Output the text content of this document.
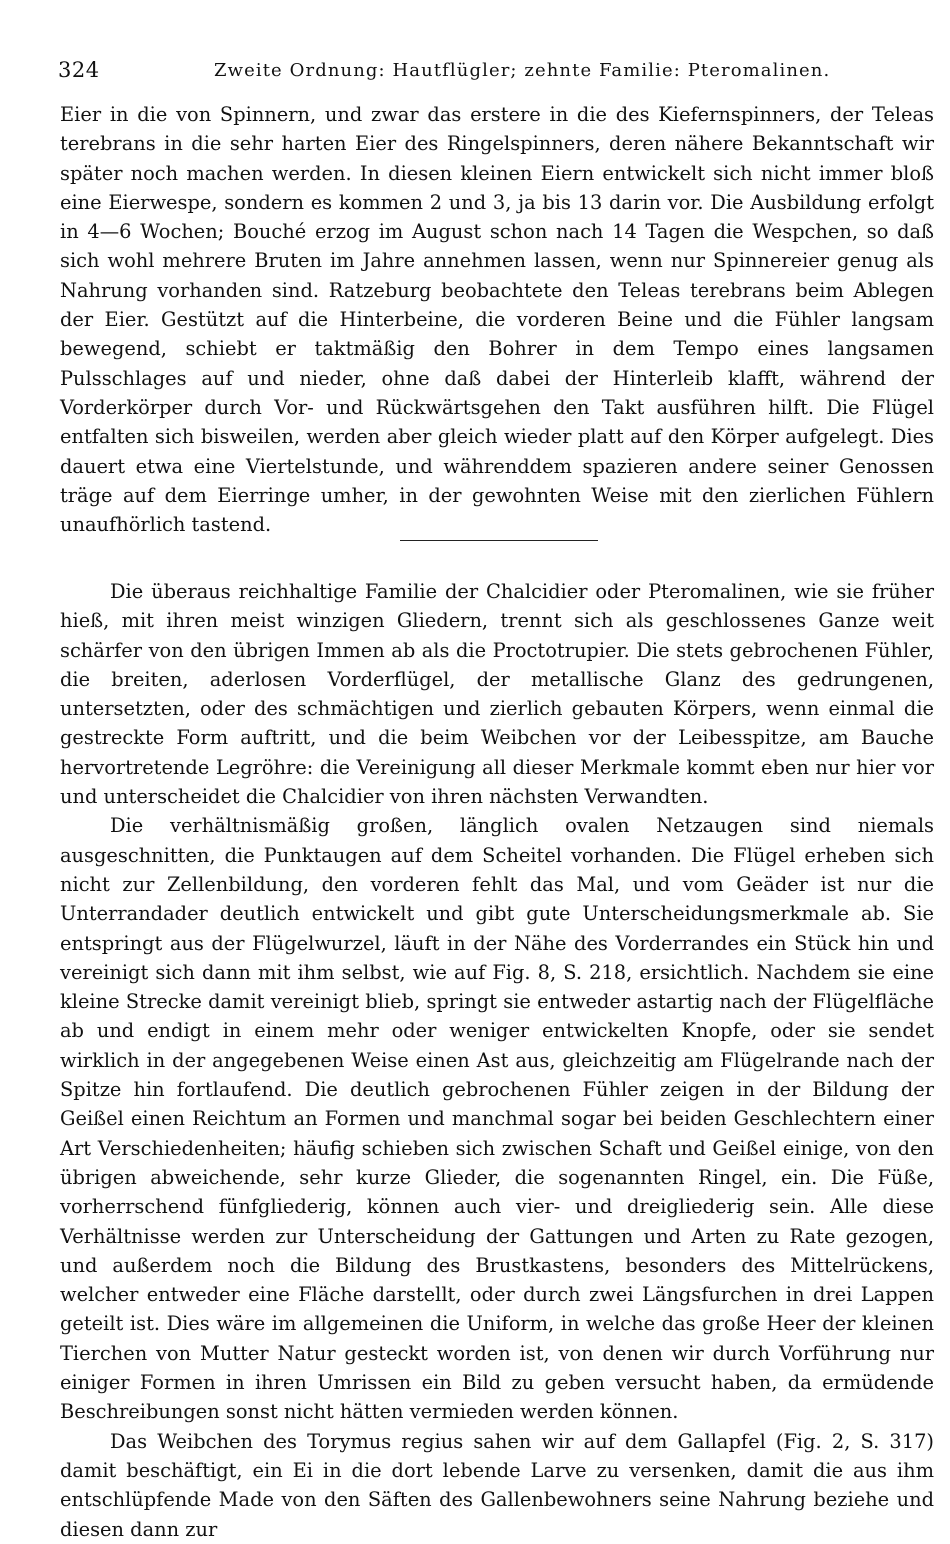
324	Zweite Ordnung: Hautflügler; zehnte Familie: Pteromalinen.

Eier in die von Spinnern, und zwar das erstere in die des Kiefernspinners, der Teleas terebrans in die sehr harten Eier des Ringelspinners, deren nähere Bekanntschaft wir später noch machen werden. In diesen kleinen Eiern entwickelt sich nicht immer bloß eine Eierwespe, sondern es kommen 2 und 3, ja bis 13 darin vor. Die Ausbildung erfolgt in 4—6 Wochen; Bouché erzog im August schon nach 14 Tagen die Wespchen, so daß sich wohl mehrere Bruten im Jahre annehmen lassen, wenn nur Spinnereier genug als Nahrung vorhanden sind. Ratzeburg beobachtete den Teleas terebrans beim Ablegen der Eier. Gestützt auf die Hinterbeine, die vorderen Beine und die Fühler langsam bewegend, schiebt er taktmäßig den Bohrer in dem Tempo eines langsamen Pulsschlages auf und nieder, ohne daß dabei der Hinterleib klafft, während der Vorderkörper durch Vor- und Rückwärtsgehen den Takt ausführen hilft. Die Flügel entfalten sich bisweilen, werden aber gleich wieder platt auf den Körper aufgelegt. Dies dauert etwa eine Viertelstunde, und währenddem spazieren andere seiner Genossen träge auf dem Eierringe umher, in der gewohnten Weise mit den zierlichen Fühlern unaufhörlich tastend.

Die überaus reichhaltige Familie der Chalcidier oder Pteromalinen, wie sie früher hieß, mit ihren meist winzigen Gliedern, trennt sich als geschlossenes Ganze weit schärfer von den übrigen Immen ab als die Proctotrupier. Die stets gebrochenen Fühler, die breiten, aderlosen Vorderflügel, der metallische Glanz des gedrungenen, untersetzten, oder des schmächtigen und zierlich gebauten Körpers, wenn einmal die gestreckte Form auftritt, und die beim Weibchen vor der Leibesspitze, am Bauche hervortretende Legröhre: die Vereinigung all dieser Merkmale kommt eben nur hier vor und unterscheidet die Chalcidier von ihren nächsten Verwandten.

Die verhältnismäßig großen, länglich ovalen Netzaugen sind niemals ausgeschnitten, die Punktaugen auf dem Scheitel vorhanden. Die Flügel erheben sich nicht zur Zellenbildung, den vorderen fehlt das Mal, und vom Geäder ist nur die Unterrandader deutlich entwickelt und gibt gute Unterscheidungsmerkmale ab. Sie entspringt aus der Flügelwurzel, läuft in der Nähe des Vorderrandes ein Stück hin und vereinigt sich dann mit ihm selbst, wie auf Fig. 8, S. 218, ersichtlich. Nachdem sie eine kleine Strecke damit vereinigt blieb, springt sie entweder astartig nach der Flügelfläche ab und endigt in einem mehr oder weniger entwickelten Knopfe, oder sie sendet wirklich in der angegebenen Weise einen Ast aus, gleichzeitig am Flügelrande nach der Spitze hin fortlaufend. Die deutlich gebrochenen Fühler zeigen in der Bildung der Geißel einen Reichtum an Formen und manchmal sogar bei beiden Geschlechtern einer Art Verschiedenheiten; häufig schieben sich zwischen Schaft und Geißel einige, von den übrigen abweichende, sehr kurze Glieder, die sogenannten Ringel, ein. Die Füße, vorherrschend fünfgliederig, können auch vier- und dreigliederig sein. Alle diese Verhältnisse werden zur Unterscheidung der Gattungen und Arten zu Rate gezogen, und außerdem noch die Bildung des Brustkastens, besonders des Mittelrückens, welcher entweder eine Fläche darstellt, oder durch zwei Längsfurchen in drei Lappen geteilt ist. Dies wäre im allgemeinen die Uniform, in welche das große Heer der kleinen Tierchen von Mutter Natur gesteckt worden ist, von denen wir durch Vorführung nur einiger Formen in ihren Umrissen ein Bild zu geben versucht haben, da ermüdende Beschreibungen sonst nicht hätten vermieden werden können.

Das Weibchen des Torymus regius sahen wir auf dem Gallapfel (Fig. 2, S. 317) damit beschäftigt, ein Ei in die dort lebende Larve zu versenken, damit die aus ihm entschlüpfende Made von den Säften des Gallenbewohners seine Nahrung beziehe und diesen dann zur
